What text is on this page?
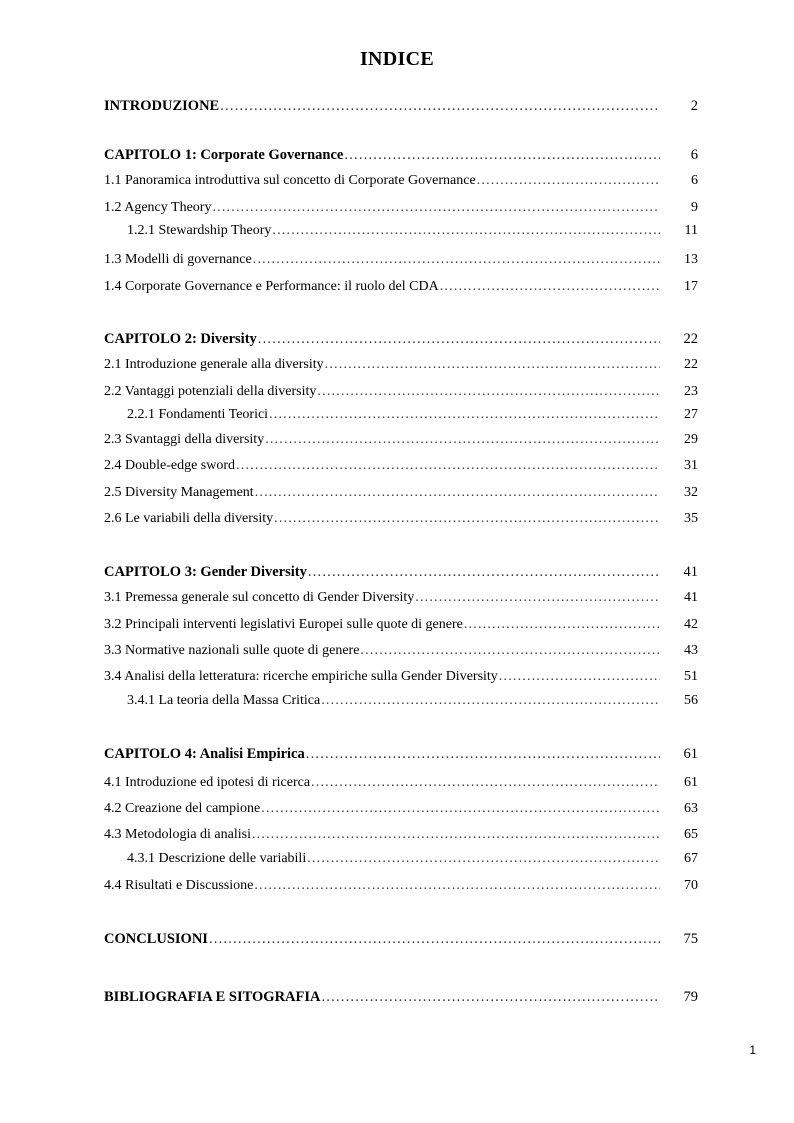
INDICE
INTRODUZIONE .....	2
CAPITOLO 1: Corporate Governance .....	6
1.1 Panoramica introduttiva sul concetto di Corporate Governance .....	6
1.2 Agency Theory .....	9
1.2.1 Stewardship Theory .....	11
1.3 Modelli di governance .....	13
1.4 Corporate Governance e Performance: il ruolo del CDA .....	17
CAPITOLO 2: Diversity .....	22
2.1 Introduzione generale alla diversity .....	22
2.2 Vantaggi potenziali della diversity .....	23
2.2.1 Fondamenti Teorici .....	27
2.3 Svantaggi della diversity .....	29
2.4 Double-edge sword .....	31
2.5 Diversity Management .....	32
2.6 Le variabili della diversity .....	35
CAPITOLO 3: Gender Diversity .....	41
3.1 Premessa generale sul concetto di Gender Diversity .....	41
3.2 Principali interventi legislativi Europei sulle quote di genere .....	42
3.3 Normative nazionali sulle quote di genere .....	43
3.4 Analisi della letteratura: ricerche empiriche sulla Gender Diversity .....	51
3.4.1 La teoria della Massa Critica .....	56
CAPITOLO 4: Analisi Empirica .....	61
4.1 Introduzione ed ipotesi di ricerca .....	61
4.2 Creazione del campione .....	63
4.3 Metodologia di analisi .....	65
4.3.1 Descrizione delle variabili .....	67
4.4 Risultati e Discussione .....	70
CONCLUSIONI .....	75
BIBLIOGRAFIA E SITOGRAFIA .....	79
1
